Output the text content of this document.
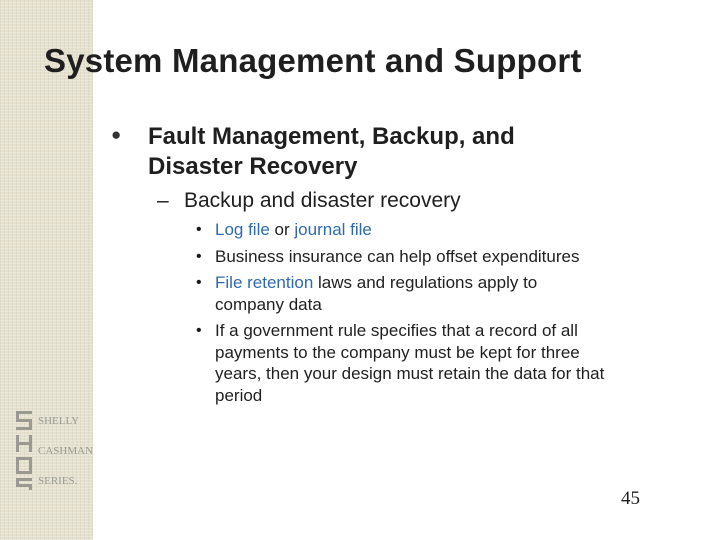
System Management and Support
● Fault Management, Backup, and
Disaster Recovery
– Backup and disaster recovery
• Log file or journal file
• Business insurance can help offset expenditures
• File retention laws and regulations apply to
company data
• If a government rule specifies that a record of all
payments to the company must be kept for three
years, then your design must retain the data for that
period
SHELLY
CASHMAN
SERIES.
45
